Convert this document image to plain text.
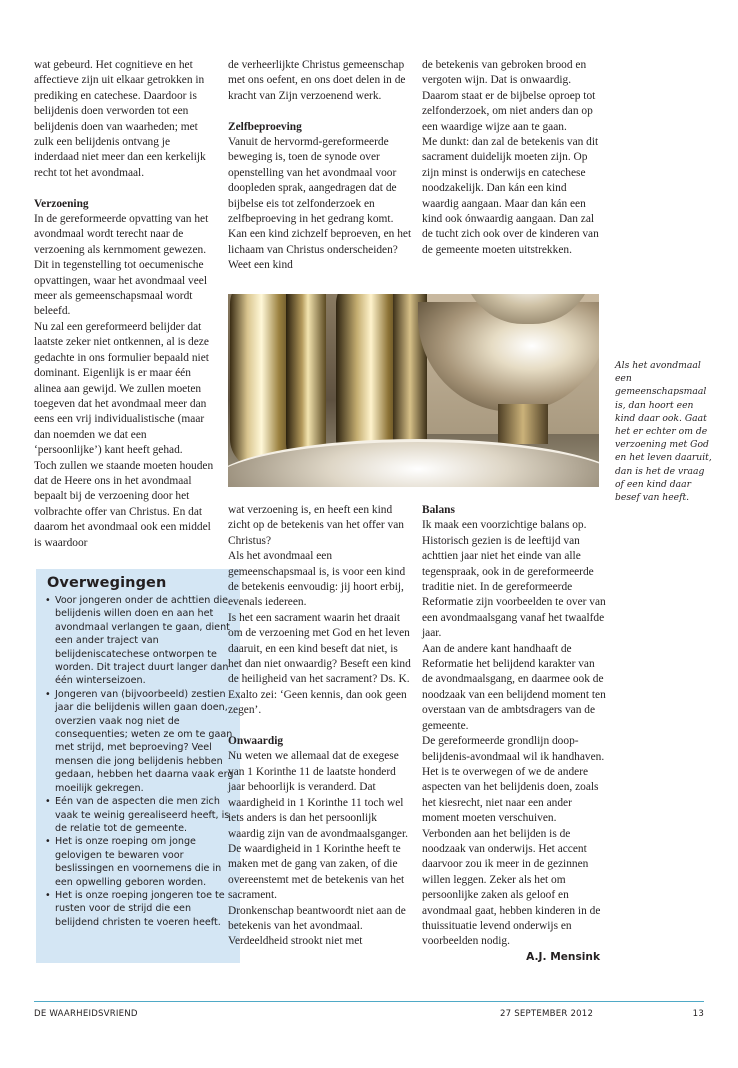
wat gebeurd. Het cognitieve en het affectieve zijn uit elkaar getrokken in prediking en catechese. Daardoor is belijdenis doen verworden tot een belijdenis doen van waarheden; met zulk een belijdenis ontvang je inderdaad niet meer dan een kerkelijk recht tot het avondmaal.

Verzoening

In de gereformeerde opvatting van het avondmaal wordt terecht naar de verzoening als kernmoment gewezen. Dit in tegenstelling tot oecumenische opvattingen, waar het avondmaal veel meer als gemeenschapsmaal wordt beleefd.

Nu zal een gereformeerd belijder dat laatste zeker niet ontkennen, al is deze gedachte in ons formulier bepaald niet dominant. Eigenlijk is er maar één alinea aan gewijd. We zullen moeten toegeven dat het avondmaal meer dan eens een vrij individualistische (maar dan noemden we dat een ‘persoonlijke’) kant heeft gehad.

Toch zullen we staande moeten houden dat de Heere ons in het avondmaal bepaalt bij de verzoening door het volbrachte offer van Christus. En dat daarom het avondmaal ook een middel is waardoor

de verheerlijkte Christus gemeenschap met ons oefent, en ons doet delen in de kracht van Zijn verzoenend werk.

Zelfbeproeving

Vanuit de hervormd-gereformeerde beweging is, toen de synode over openstelling van het avondmaal voor doopleden sprak, aangedragen dat de bijbelse eis tot zelfonderzoek en zelfbeproeving in het gedrang komt. Kan een kind zichzelf beproeven, en het lichaam van Christus onderscheiden? Weet een kind

de betekenis van gebroken brood en vergoten wijn. Dat is onwaardig. Daarom staat er de bijbelse oproep tot zelfonderzoek, om niet anders dan op een waardige wijze aan te gaan.

Me dunkt: dan zal de betekenis van dit sacrament duidelijk moeten zijn. Op zijn minst is onderwijs en catechese noodzakelijk. Dan kán een kind waardig aangaan. Maar dan kán een kind ook ónwaardig aangaan. Dan zal de tucht zich ook over de kinderen van de gemeente moeten uitstrekken.

Als het avondmaal een gemeenschapsmaal is, dan hoort een kind daar ook. Gaat het er echter om de verzoening met God en het leven daaruit, dan is het de vraag of een kind daar besef van heeft.
Overwegingen
• Voor jongeren onder de achttien die belijdenis willen doen en aan het avondmaal verlangen te gaan, dient een ander traject van belijdeniscatechese ontworpen te worden. Dit traject duurt langer dan één winterseizoen.
• Jongeren van (bijvoorbeeld) zestien jaar die belijdenis willen gaan doen, overzien vaak nog niet de consequenties; weten ze om te gaan met strijd, met beproeving? Veel mensen die jong belijdenis hebben gedaan, hebben het daarna vaak erg moeilijk gekregen.
• Eén van de aspecten die men zich vaak te weinig gerealiseerd heeft, is de relatie tot de gemeente.
• Het is onze roeping om jonge gelovigen te bewaren voor beslissingen en voornemens die in een opwelling geboren worden.
• Het is onze roeping jongeren toe te rusten voor de strijd die een belijdend christen te voeren heeft.

wat verzoening is, en heeft een kind zicht op de betekenis van het offer van Christus?

Als het avondmaal een gemeenschapsmaal is, is voor een kind de betekenis eenvoudig: jij hoort erbij, evenals iedereen.

Is het een sacrament waarin het draait om de verzoening met God en het leven daaruit, en een kind beseft dat niet, is het dan niet onwaardig? Beseft een kind de heiligheid van het sacrament? Ds. K. Exalto zei: ‘Geen kennis, dan ook geen zegen’.

Onwaardig

Nu weten we allemaal dat de exegese van 1 Korinthe 11 de laatste honderd jaar behoorlijk is veranderd. Dat waardigheid in 1 Korinthe 11 toch wel iets anders is dan het persoonlijk waardig zijn van de avondmaalsganger. De waardigheid in 1 Korinthe heeft te maken met de gang van zaken, of die overeenstemt met de betekenis van het sacrament.

Dronkenschap beantwoordt niet aan de betekenis van het avondmaal. Verdeeldheid strookt niet met

Balans

Ik maak een voorzichtige balans op. Historisch gezien is de leeftijd van achttien jaar niet het einde van alle tegenspraak, ook in de gereformeerde traditie niet. In de gereformeerde Reformatie zijn voorbeelden te over van een avondmaalsgang vanaf het twaalfde jaar.

Aan de andere kant handhaaft de Reformatie het belijdend karakter van de avondmaalsgang, en daarmee ook de noodzaak van een belijdend moment ten overstaan van de ambtsdragers van de gemeente.

De gereformeerde grondlijn doop-belijdenis-avondmaal wil ik handhaven. Het is te overwegen of we de andere aspecten van het belijdenis doen, zoals het kiesrecht, niet naar een ander moment moeten verschuiven.

Verbonden aan het belijden is de noodzaak van onderwijs. Het accent daarvoor zou ik meer in de gezinnen willen leggen. Zeker als het om persoonlijke zaken als geloof en avondmaal gaat, hebben kinderen in de thuissituatie levend onderwijs en voorbeelden nodig.

A.J. Mensink
DE WAARHEIDSVRIEND	27 SEPTEMBER 2012	13
